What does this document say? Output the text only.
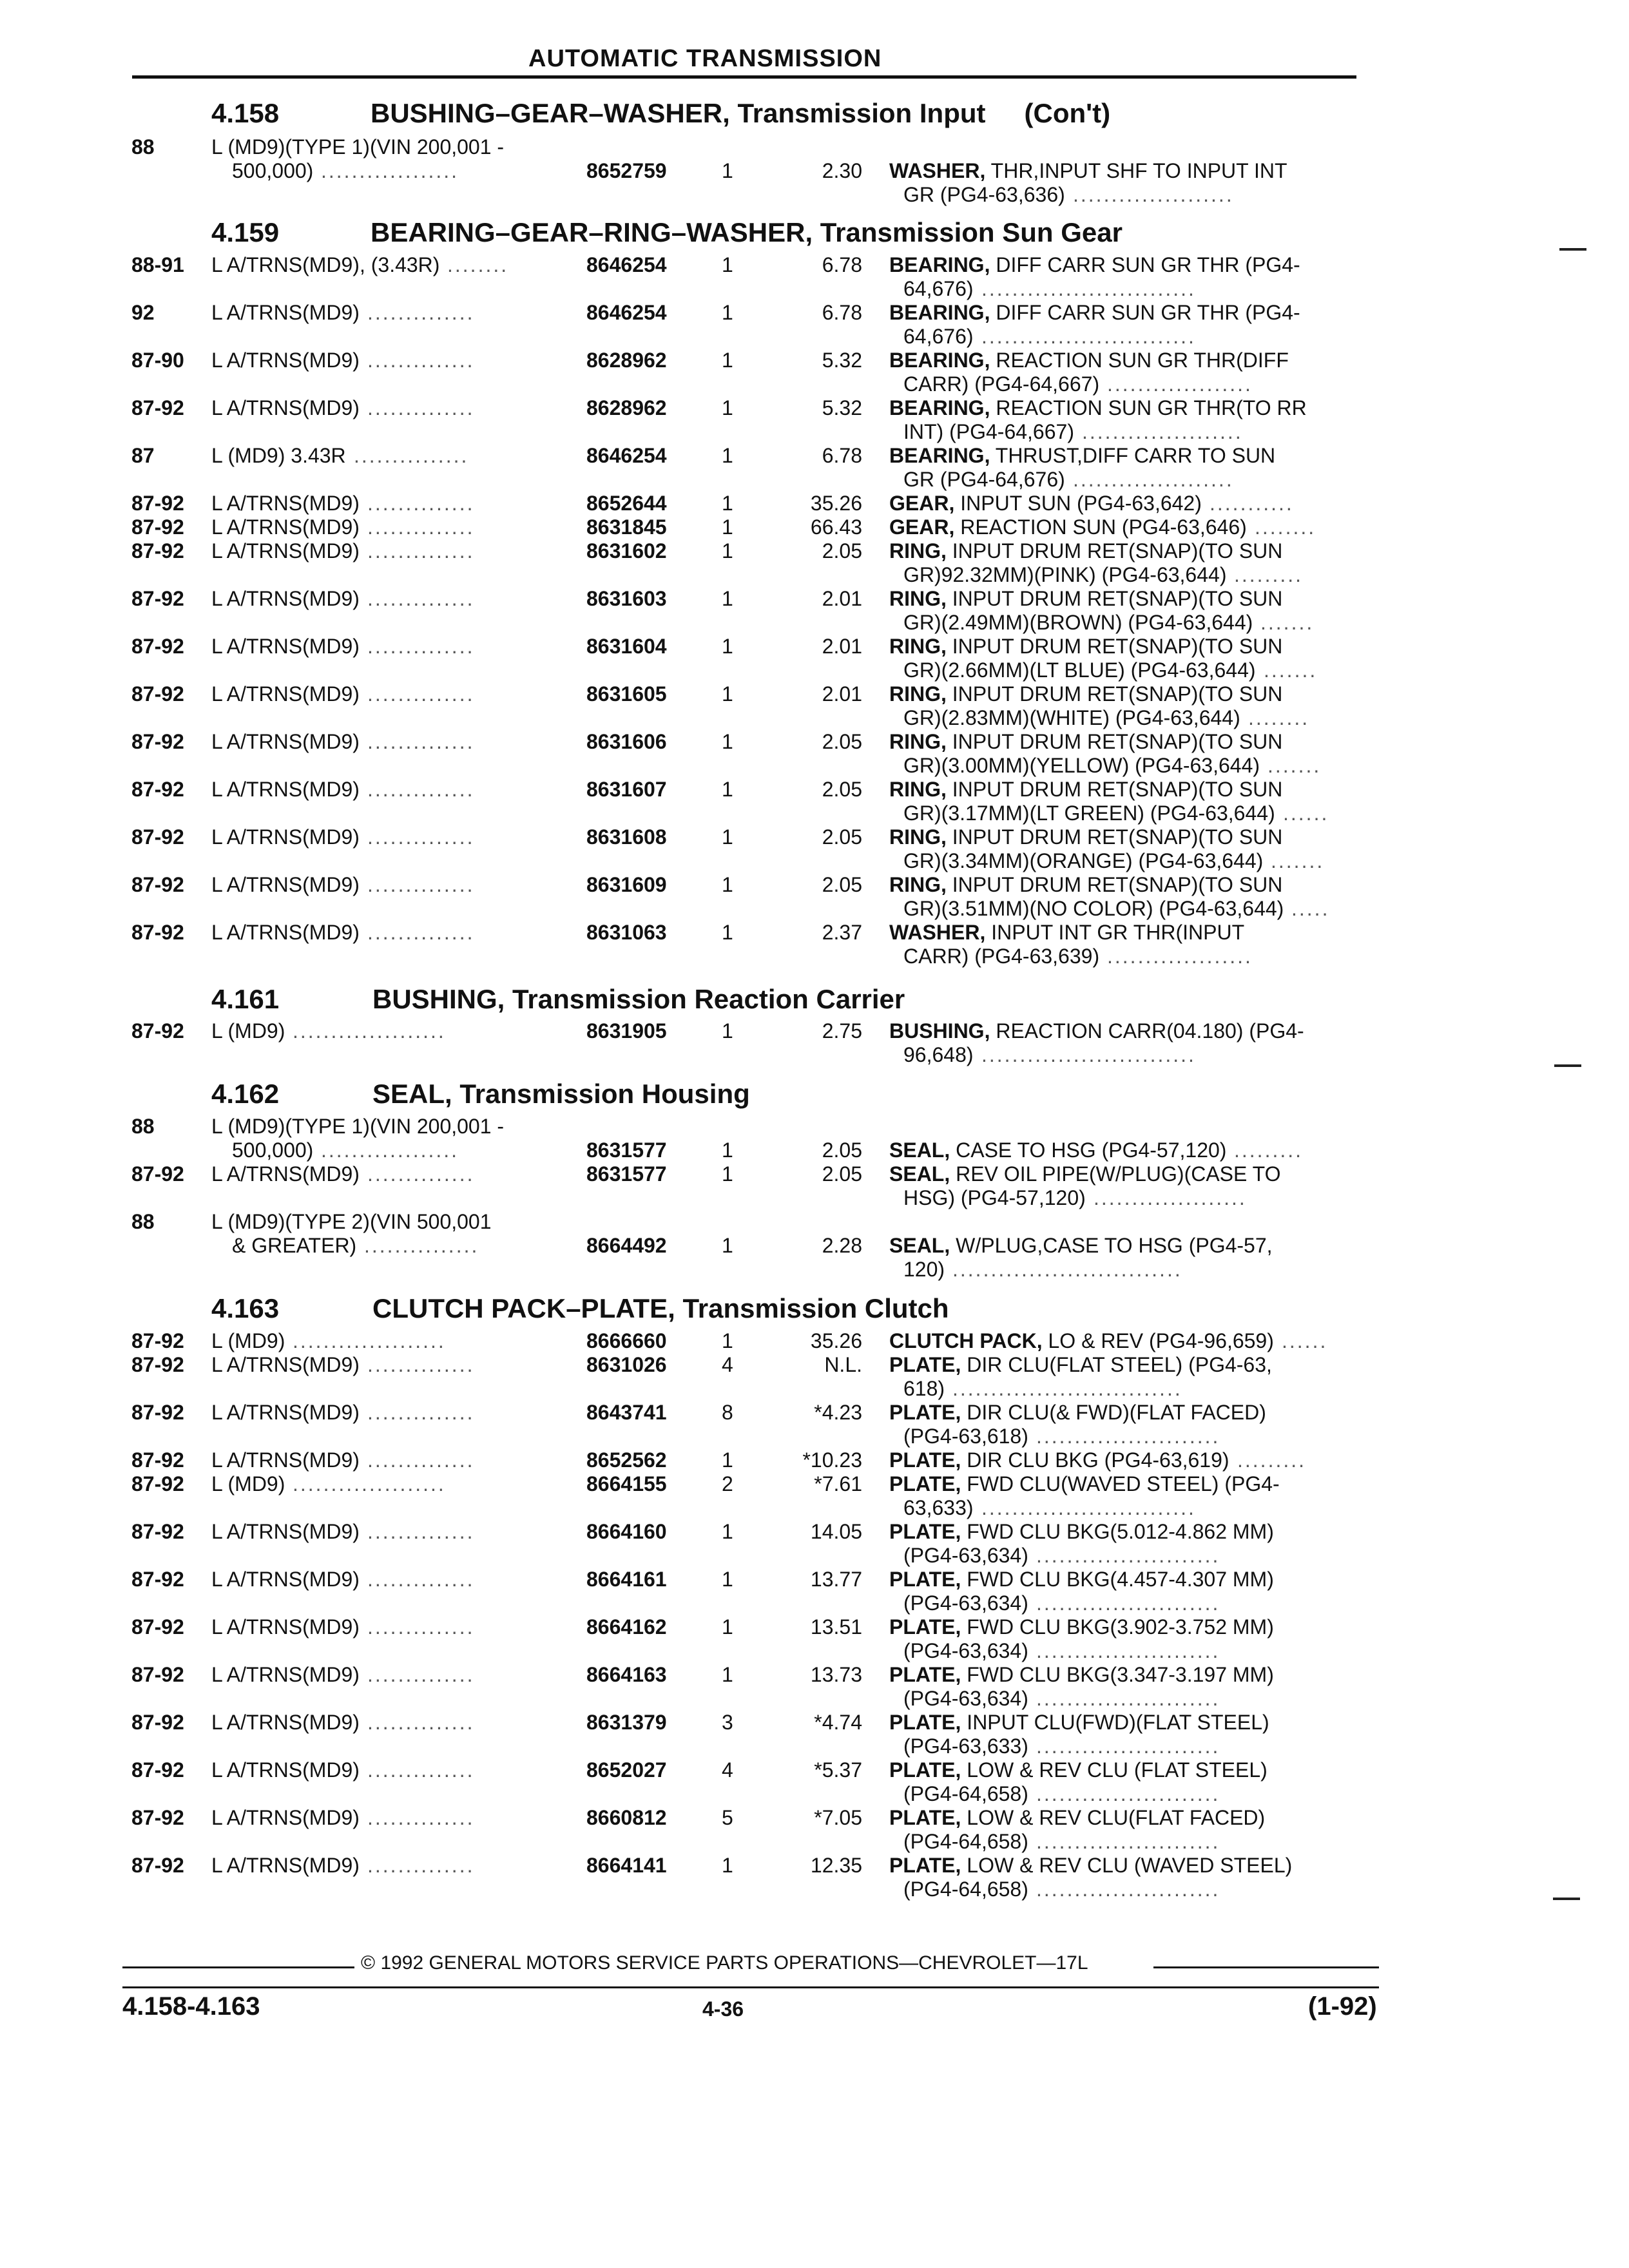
AUTOMATIC TRANSMISSION
4.158	BUSHING–GEAR–WASHER, Transmission Input (Con't)
88	L (MD9)(TYPE 1)(VIN 200,001 -
500,000) ..................	8652759	1	2.30 WASHER, THR,INPUT SHF TO INPUT INT
GR (PG4-63,636) .....................
4.159	BEARING–GEAR–RING–WASHER, Transmission Sun Gear
88-91 L A/TRNS(MD9), (3.43R) ........	8646254	1	6.78 BEARING, DIFF CARR SUN GR THR (PG4-
64,676) ............................
92	L A/TRNS(MD9) ..............	8646254	1	6.78 BEARING, DIFF CARR SUN GR THR (PG4-
64,676) ............................
87-90 L A/TRNS(MD9) ..............	8628962	1	5.32 BEARING, REACTION SUN GR THR(DIFF
CARR) (PG4-64,667) ...................
87-92 L A/TRNS(MD9) ..............	8628962	1	5.32 BEARING, REACTION SUN GR THR(TO RR
INT) (PG4-64,667) .....................
87	L (MD9) 3.43R ...............	8646254	1	6.78 BEARING, THRUST,DIFF CARR TO SUN
GR (PG4-64,676) .....................
87-92 L A/TRNS(MD9) ..............	8652644	1	35.26 GEAR, INPUT SUN (PG4-63,642) ...........
87-92 L A/TRNS(MD9) ..............	8631845	1	66.43 GEAR, REACTION SUN (PG4-63,646) ........
87-92 L A/TRNS(MD9) ..............	8631602	1	2.05 RING, INPUT DRUM RET(SNAP)(TO SUN
GR)92.32MM)(PINK) (PG4-63,644) .........
87-92 L A/TRNS(MD9) ..............	8631603	1	2.01 RING, INPUT DRUM RET(SNAP)(TO SUN
GR)(2.49MM)(BROWN) (PG4-63,644) .......
87-92 L A/TRNS(MD9) ..............	8631604	1	2.01 RING, INPUT DRUM RET(SNAP)(TO SUN
GR)(2.66MM)(LT BLUE) (PG4-63,644) .......
87-92 L A/TRNS(MD9) ..............	8631605	1	2.01 RING, INPUT DRUM RET(SNAP)(TO SUN
GR)(2.83MM)(WHITE) (PG4-63,644) ........
87-92 L A/TRNS(MD9) ..............	8631606	1	2.05 RING, INPUT DRUM RET(SNAP)(TO SUN
GR)(3.00MM)(YELLOW) (PG4-63,644) .......
87-92 L A/TRNS(MD9) ..............	8631607	1	2.05 RING, INPUT DRUM RET(SNAP)(TO SUN
GR)(3.17MM)(LT GREEN) (PG4-63,644) ......
87-92 L A/TRNS(MD9) ..............	8631608	1	2.05 RING, INPUT DRUM RET(SNAP)(TO SUN
GR)(3.34MM)(ORANGE) (PG4-63,644) .......
87-92 L A/TRNS(MD9) ..............	8631609	1	2.05 RING, INPUT DRUM RET(SNAP)(TO SUN
GR)(3.51MM)(NO COLOR) (PG4-63,644) .....
87-92 L A/TRNS(MD9) ..............	8631063	1	2.37 WASHER, INPUT INT GR THR(INPUT
CARR) (PG4-63,639) ...................
4.161	BUSHING, Transmission Reaction Carrier
87-92 L (MD9) ....................	8631905	1	2.75 BUSHING, REACTION CARR(04.180) (PG4-
96,648) ............................
4.162	SEAL, Transmission Housing
88	L (MD9)(TYPE 1)(VIN 200,001 -
500,000) ..................	8631577	1	2.05 SEAL, CASE TO HSG (PG4-57,120) .........
87-92 L A/TRNS(MD9) ..............	8631577	1	2.05 SEAL, REV OIL PIPE(W/PLUG)(CASE TO
HSG) (PG4-57,120) ....................
88	L (MD9)(TYPE 2)(VIN 500,001
& GREATER) ...............	8664492	1	2.28 SEAL, W/PLUG,CASE TO HSG (PG4-57,
120) ..............................
4.163	CLUTCH PACK–PLATE, Transmission Clutch
87-92 L (MD9) ....................	8666660	1	35.26 CLUTCH PACK, LO & REV (PG4-96,659) ......
87-92 L A/TRNS(MD9) ..............	8631026	4	N.L. PLATE, DIR CLU(FLAT STEEL) (PG4-63,
618) ..............................
87-92 L A/TRNS(MD9) ..............	8643741	8	*4.23 PLATE, DIR CLU(& FWD)(FLAT FACED)
(PG4-63,618) ........................
87-92 L A/TRNS(MD9) ..............	8652562	1	*10.23 PLATE, DIR CLU BKG (PG4-63,619) .........
87-92 L (MD9) ....................	8664155	2	*7.61 PLATE, FWD CLU(WAVED STEEL) (PG4-
63,633) ............................
87-92 L A/TRNS(MD9) ..............	8664160	1	14.05 PLATE, FWD CLU BKG(5.012-4.862 MM)
(PG4-63,634) ........................
87-92 L A/TRNS(MD9) ..............	8664161	1	13.77 PLATE, FWD CLU BKG(4.457-4.307 MM)
(PG4-63,634) ........................
87-92 L A/TRNS(MD9) ..............	8664162	1	13.51 PLATE, FWD CLU BKG(3.902-3.752 MM)
(PG4-63,634) ........................
87-92 L A/TRNS(MD9) ..............	8664163	1	13.73 PLATE, FWD CLU BKG(3.347-3.197 MM)
(PG4-63,634) ........................
87-92 L A/TRNS(MD9) ..............	8631379	3	*4.74 PLATE, INPUT CLU(FWD)(FLAT STEEL)
(PG4-63,633) ........................
87-92 L A/TRNS(MD9) ..............	8652027	4	*5.37 PLATE, LOW & REV CLU (FLAT STEEL)
(PG4-64,658) ........................
87-92 L A/TRNS(MD9) ..............	8660812	5	*7.05 PLATE, LOW & REV CLU(FLAT FACED)
(PG4-64,658) ........................
87-92 L A/TRNS(MD9) ..............	8664141	1	12.35 PLATE, LOW & REV CLU (WAVED STEEL)
(PG4-64,658) ........................
© 1992 GENERAL MOTORS SERVICE PARTS OPERATIONS—CHEVROLET—17L
4.158-4.163	4-36	(1-92)
